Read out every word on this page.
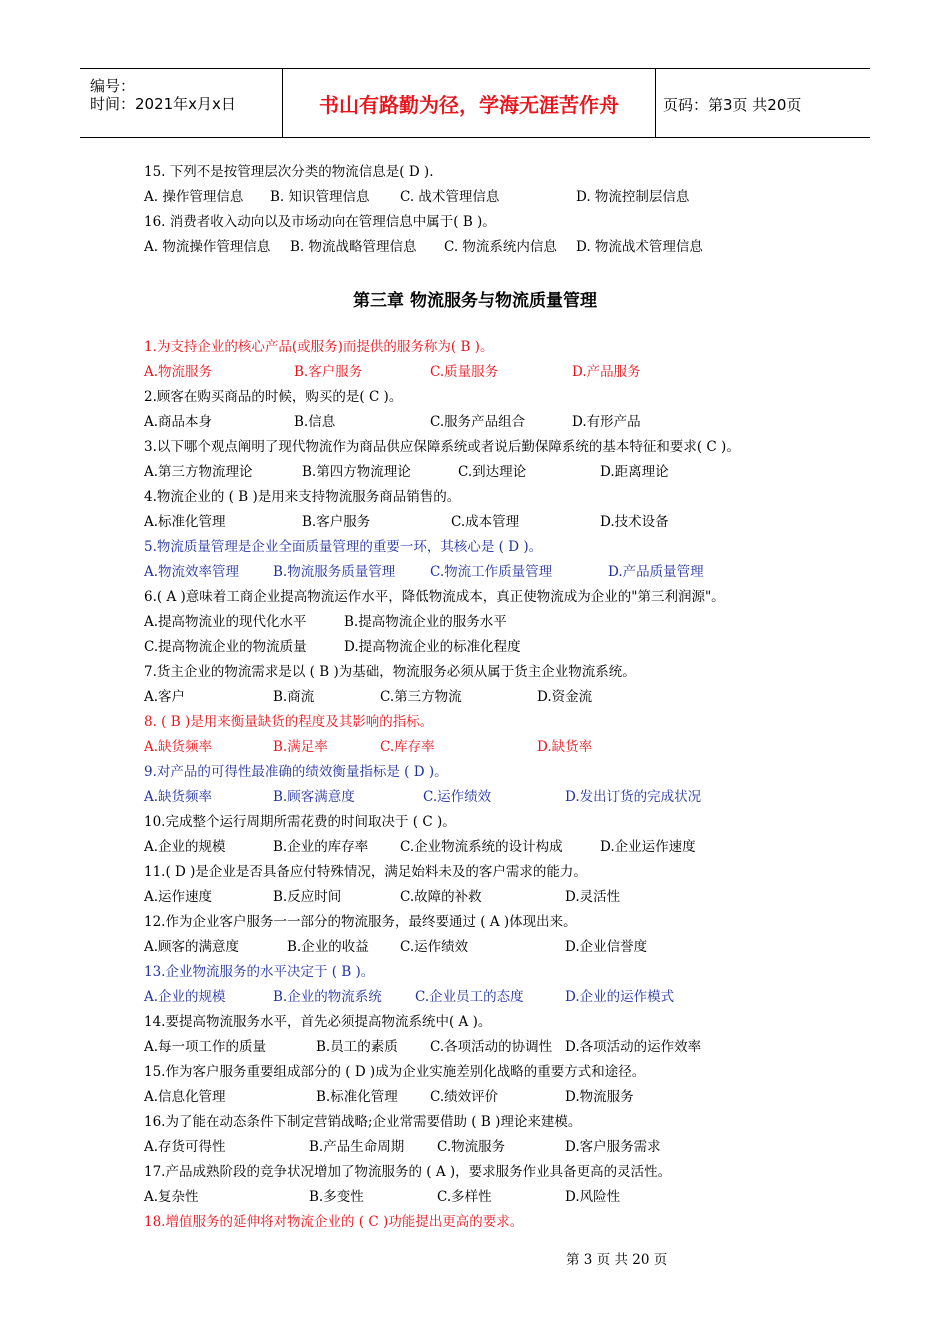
编号：
时间：2021年x月x日	书山有路勤为径，学海无涯苦作舟	页码：第3页 共20页
第三章 物流服务与物流质量管理
15. 下列不是按管理层次分类的物流信息是( D ).
A. 操作管理信息 B. 知识管理信息 C. 战术管理信息	D. 物流控制层信息
16. 消费者收入动向以及市场动向在管理信息中属于( B )。
A. 物流操作管理信息 B. 物流战略管理信息 C. 物流系统内信息 D. 物流战术管理信息
1.为支持企业的核心产品(或服务)而提供的服务称为( B )。
A.物流服务	B.客户服务	C.质量服务	D.产品服务
2.顾客在购买商品的时候，购买的是( C )。
A.商品本身	B.信息	C.服务产品组合	D.有形产品
3.以下哪个观点阐明了现代物流作为商品供应保障系统或者说后勤保障系统的基本特征和要求( C )。
A.第三方物流理论	B.第四方物流理论	C.到达理论	D.距离理论
4.物流企业的 ( B )是用来支持物流服务商品销售的。
A.标准化管理	B.客户服务	C.成本管理	D.技术设备
5.物流质量管理是企业全面质量管理的重要一环，其核心是 ( D )。
A.物流效率管理	B.物流服务质量管理	C.物流工作质量管理	D.产品质量管理
6.( A )意味着工商企业提高物流运作水平，降低物流成本，真正使物流成为企业的"第三利润源"。
A.提高物流业的现代化水平	B.提高物流企业的服务水平
C.提高物流企业的物流质量	D.提高物流企业的标准化程度
7.货主企业的物流需求是以 ( B )为基础，物流服务必须从属于货主企业物流系统。
A.客户	B.商流	C.第三方物流	D.资金流
8. ( B )是用来衡量缺货的程度及其影响的指标。
A.缺货频率	B.满足率	C.库存率	D.缺货率
9.对产品的可得性最准确的绩效衡量指标是 ( D )。
A.缺货频率	B.顾客满意度	C.运作绩效	D.发出订货的完成状况
10.完成整个运行周期所需花费的时间取决于 ( C )。
A.企业的规模	B.企业的库存率 C.企业物流系统的设计构成	D.企业运作速度
11.( D )是企业是否具备应付特殊情况，满足始料未及的客户需求的能力。
A.运作速度	B.反应时间	C.故障的补救	D.灵活性
12.作为企业客户服务一一部分的物流服务，最终要通过 ( A )体现出来。
A.顾客的满意度	B.企业的收益 C.运作绩效	D.企业信誉度
13.企业物流服务的水平决定于 ( B )。
A.企业的规模	B.企业的物流系统 C.企业员工的态度	D.企业的运作模式
14.要提高物流服务水平，首先必须提高物流系统中( A )。
A.每一项工作的质量	B.员工的素质 C.各项活动的协调性 D.各项活动的运作效率
15.作为客户服务重要组成部分的 ( D )成为企业实施差别化战略的重要方式和途径。
A.信息化管理	B.标准化管理 C.绩效评价	D.物流服务
16.为了能在动态条件下制定营销战略;企业常需要借助 ( B )理论来建模。
A.存货可得性	B.产品生命周期 C.物流服务	D.客户服务需求
17.产品成熟阶段的竞争状况增加了物流服务的 ( A )，要求服务作业具备更高的灵活性。
A.复杂性	B.多变性	C.多样性	D.风险性
18.增值服务的延伸将对物流企业的 ( C )功能提出更高的要求。
第 3 页 共 20 页
